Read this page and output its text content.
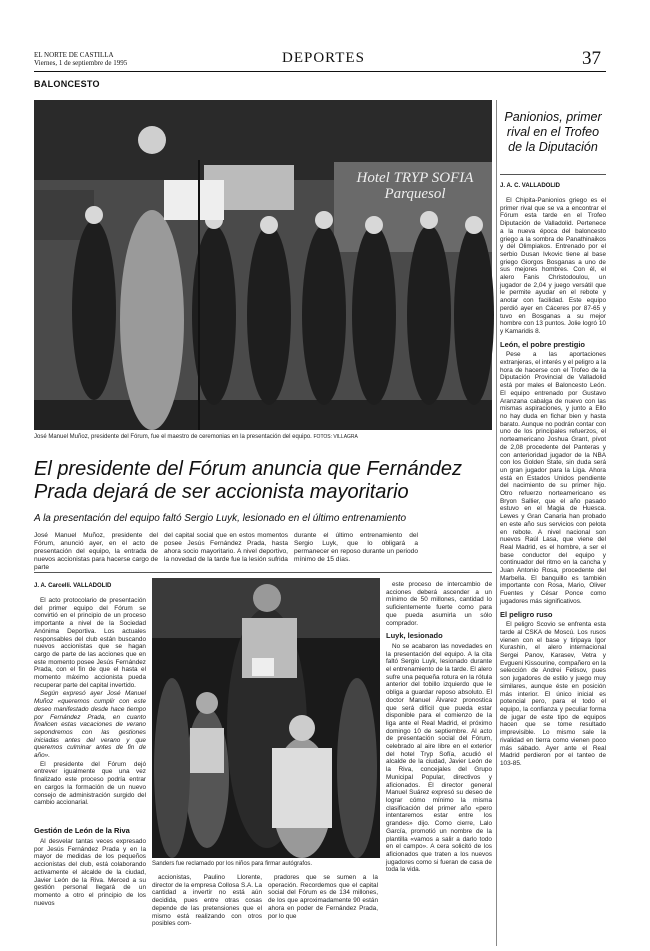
EL NORTE DE CASTILLA
Viernes, 1 de septiembre de 1995	DEPORTES	37
BALONCESTO
Hotel TRYP SOFIA Parquesol
José Manuel Muñoz, presidente del Fórum, fue el maestro de ceremonias en la presentación del equipo. FOTOS: VILLAGRA
El presidente del Fórum anuncia que Fernández Prada dejará de ser accionista mayoritario
A la presentación del equipo faltó Sergio Luyk, lesionado en el último entrenamiento
José Manuel Muñoz, presidente del Fórum, anunció ayer, en el acto de presentación del equipo, la entrada de nuevos accionistas para hacerse cargo de parte
del capital social que en estos momentos posee Jesús Fernández Prada, hasta ahora socio mayoritario. A nivel deportivo, la novedad de la tarde fue la lesión sufrida
durante el último entrenamiento del Sergio Luyk, que lo obligará a permanecer en reposo durante un periodo mínimo de 15 días.
J. A. Carcelli. VALLADOLID

El acto protocolario de presentación del primer equipo del Fórum se convirtió en el principio de un proceso importante a nivel de la Sociedad Anónima Deportiva. Los actuales responsables del club están buscando nuevos accionistas que se hagan cargo de parte de las acciones que en este momento posee Jesús Fernández Prada, con el fin de que el hasta el momento máximo accionista pueda recuperar parte del capital invertido.

Según expresó ayer José Manuel Muñoz «queremos cumplir con este deseo manifestado desde hace tiempo por Fernández Prada, en cuanto finalicen estas vacaciones de verano sepondremos con las gestiones iniciadas antes del verano y que queremos culminar antes de fin de año».

El presidente del Fórum dejó entrever igualmente que una vez finalizado este proceso podría entrar en cargos la formación de un nuevo consejo de administración surgido del cambio accionarial.

Gestión de León de la Riva

Al desvelar tantas veces expresado por Jesús Fernández Prada y en la mayor de medidas de los pequeños accionistas del club, está colaborando activamente el alcalde de la ciudad, Javier León de la Riva. Merced a su gestión personal llegará de un momento a otro el principio de los nuevos

Sanders fue reclamado por los niños para firmar autógrafos.

accionistas, Paulino Llorente, director de la empresa Collosa S.A. La cantidad a invertir no está aún decidida, pues entre otras cosas depende de las pretensiones que el mismo está realizando con otros posibles com-

pradores que se sumen a la operación. Recordemos que el capital social del Fórum es de 134 millones, de los que aproximadamente 90 están ahora en poder de Fernández Prada, por lo que

este proceso de intercambio de acciones deberá ascender a un mínimo de 50 millones, cantidad lo suficientemente fuerte como para que pueda asumirla un sólo comprador.

Luyk, lesionado

No se acabaron las novedades en la presentación del equipo. A la cita faltó Sergio Luyk, lesionado durante el entrenamiento de la tarde. El alero sufre una pequeña rotura en la rótula anterior del tobillo izquierdo que le obliga a guardar reposo absoluto. El doctor Manuel Álvarez pronostica que será difícil que pueda estar disponible para el comienzo de la liga ante el Real Madrid, el próximo domingo 10 de septiembre. Al acto de presentación social del Fórum, celebrado al aire libre en el exterior del hotel Tryp Sofía, acudió el alcalde de la ciudad, Javier León de la Riva, concejales del Grupo Municipal Popular, directivos y aficionados. El director general Manuel Suárez expresó su deseo de lograr cómo mínimo la misma clasificación del primer año «pero intentaremos estar entre los grandes» dijo. Como cierre, Lalo García, promotió un nombre de la plantilla «vamos a salir a darlo todo en el campo». A cera solicitó de los aficionados que traten a los nuevos jugadores como si fueran de casa de toda la vida.

Panionios, primer rival en el Trofeo de la Diputación
J. A. C. VALLADOLID

El Chipita-Panionios griego es el primer rival que se va a encontrar el Fórum esta tarde en el Trofeo Diputación de Valladolid. Pertenece a la nueva época del baloncesto griego a la sombra de Panathinaikos y del Olimpiakos. Entrenado por el serbio Dusan Ivkovic tiene al base griego Giorgos Bosganas a uno de sus mejores hombres. Con él, el alero Fanis Christodoulou, un jugador de 2,04 y juego versátil que le permite ayudar en el rebote y anotar con facilidad. Este equipo perdió ayer en Cáceres por 87-65 y tuvo en Bosganas a su mejor hombre con 13 puntos. Jolie logró 10 y Kamaridis 8.

León, el pobre prestigio

Pese a las aportaciones extranjeras, el interés y el peligro a la hora de hacerse con el Trofeo de la Diputación Provincial de Valladolid está por males el Baloncesto León. El equipo entrenado por Gustavo Aranzana cabalga de nuevo con las mismas aspiraciones, y junto a Ello no hay duda en fichar bien y hasta barato. Aunque no podrán contar con uno de los principales refuerzos, el norteamericano Joshua Grant, pívot de 2,08 procedente del Panteras y con anterioridad jugador de la NBA con los Golden State, sin duda será un gran jugador para la Liga. Ahora está en Estados Unidos pendiente del nacimiento de su primer hijo. Otro refuerzo norteamericano es Bryon Sallier, que el año pasado estuvo en el Magia de Huesca. Lewes y Gran Canaria han probado en este año sus servicios con pelota en rebote. A nivel nacional son nuevos Raúl Lasa, que viene del Real Madrid, es el hombre, a ser el base conductor del equipo y continuador del ritmo en la cancha y Juan Antonio Rosa, procedente del Marbella. El banquillo es también importante con Rosa, Mario, Oliver Fuentes y César Ponce como jugadores más significativos.

El peligro ruso

El peligro Scovio se enfrenta esta tarde al CSKA de Moscú. Los rusos vienen con el base y tiripaya Igor Kurashin, el alero internacional Sergei Panov, Karasev, Vetra y Evgueni Kissourine, compañero en la selección de Andrei Fetisov, pues son jugadores de estilo y juego muy similares, aunque éste en posición más interior. El único inicial es potencial pero, para el todo el equipo, la confianza y peculiar forma de jugar de este tipo de equipos hacen que se tome resultado imprevisible. Lo mismo sale la rivalidad en tierra como vienen poco más sábado. Ayer ante el Real Madrid perdieron por el tanteo de 103-85.
